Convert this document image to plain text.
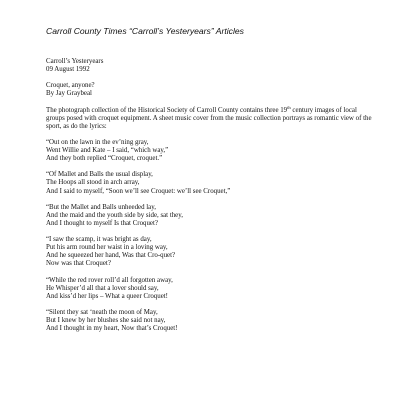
Carroll County Times “Carroll’s Yesteryears” Articles
Carroll’s Yesteryears
09 August 1992
Croquet, anyone?
By Jay Graybeal
The photograph collection of the Historical Society of Carroll County contains three 19th century images of local groups posed with croquet equipment. A sheet music cover from the music collection portrays as romantic view of the sport, as do the lyrics:
“Out on the lawn in the ev’ning gray,
Went Willie and Kate – I said, “which way,”
And they both replied “Croquet, croquet.”
“Of Mallet and Balls the usual display,
The Hoops all stood in arch array,
And I said to myself, “Soon we’ll see Croquet: we’ll see Croquet,”
“But the Mallet and Balls unheeded lay,
And the maid and the youth side by side, sat they,
And I thought to myself Is that Croquet?
“I saw the scamp, it was bright as day,
Put his arm round her waist in a loving way,
And he squeezed her hand, Was that Cro-quet?
Now was that Croquet?
“While the red rover roll’d all forgotten away,
He Whisper’d all that a lover should say,
And kiss’d her lips – What a queer Croquet!
“Silent they sat ‘neath the moon of May,
But I knew by her blushes she said not nay,
And I thought in my heart, Now that’s Croquet!
